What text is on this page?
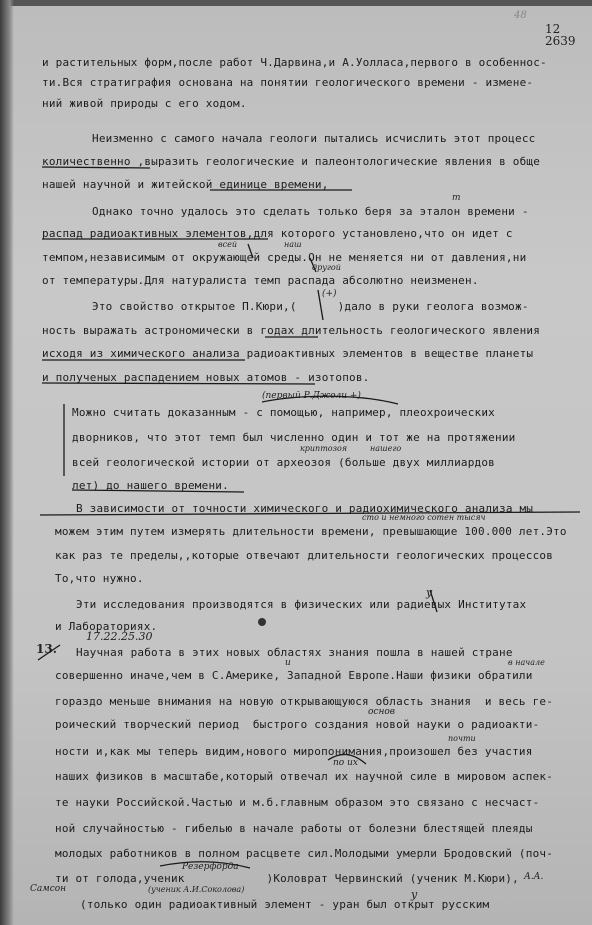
48
12
2639
и растительных форм,после работ Ч.Дарвина,и А.Уолласа,первого в особеннос-
ти.Вся стратиграфия основана на понятии геологического времени - измене-
ний живой природы с его ходом.
Неизменно с самого начала геологи пытались исчислить этот процесс
количественно ,выразить геологические и палеонтологические явления в обще
нашей научной и житейской единице времени,
Однако точно удалось это сделать только беря за эталон времени -
распад радиоактивных элементов,для которого установлено,что он идет с
темпом,независимым от окружающей среды.Он не меняется ни от давления,ни
от температуры.Для натуралиста темп распада абсолютно неизменен.
Это свойство открытое П.Кюри,(      )дало в руки геолога возмож-
ность выражать астрономически в годах длительность геологического явления
исходя из химического анализа радиоактивных элементов в веществе планеты
и полученых распадением новых атомов - изотопов.
Можно считать доказанным - с помощью, например, плеохроических
дворников, что этот темп был численно один и тот же на протяжении
всей геологической истории от археозоя (больше двух миллиардов
лет) до нашего времени.
В зависимости от точности химического и радиохимического анализа мы
можем этим путем измерять длительности времени, превышающие 100.000 лет.Это
как раз те пределы,,которые отвечают длительности геологических процессов
То,что нужно.
Эти исследования производятся в физических или радиевых Институтах
и Лабораториях.
Научная работа в этих новых областях знания пошла в нашей стране
совершенно иначе,чем в С.Америке, Западной Европе.Наши физики обратили
гораздо меньше внимания на новую открывающуюся область знания  и весь ге-
роический творческий период  быстрого создания новой науки о радиоакти-
ности и,как мы теперь видим,нового миропонимания,произошел без участия
наших физиков в масштабе,который отвечал их научной силе в мировом аспек-
те науки Российской.Частью и м.б.главным образом это связано с несчаст-
ной случайностью - гибелью в начале работы от болезни блестящей плеяды
молодых работников в полном расцвете сил.Молодыми умерли Бродовский (поч-
ти от голода,ученик            )Коловрат Червинский (ученик М.Кюри),
(только один радиоактивный элемент - уран был открыт русским
т
всей	наш
другой
(+)
(первый Р.Джоли +)
криптозоя	нашего
сто и немного сотен тысяч
у
13.
17.22.25.30
и	в начале
основ
почти
по их
Резерфорда
(ученик А.И.Соколова)
Самсон	у
А.А.
